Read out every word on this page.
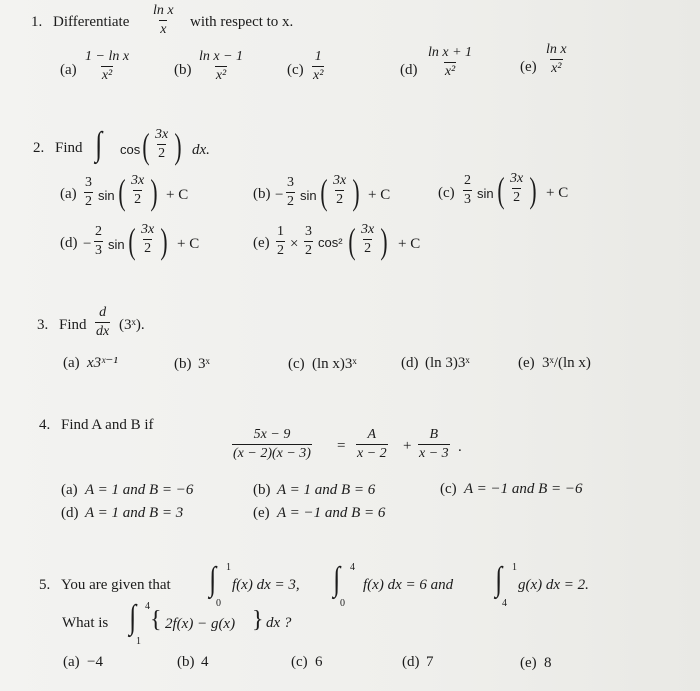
1. Differentiate $\frac{\text{ln x}}{x}$ with respect to x.
$(a) \frac{\text{1 − ln x}}{\text{x²}}$	$(b) \frac{\text{ln x − 1}}{\text{x²}}$	$(c) \frac{1}{\text{x²}}$	$(d) \frac{\text{ln x + 1}}{\text{x²}}$	$(e) \frac{\text{ln x}}{\text{x²}}$
2. Find ∫ cos ( $\frac{3x}{2}$ ) dx.
$(a) \frac{3}{2}$ sin ( $\frac{3x}{2}$ ) + C	$(b) - \frac{3}{2}$ sin ( $\frac{3x}{2}$ ) + C	$(c) \frac{2}{3}$ sin ( $\frac{3x}{2}$ ) + C
$(d) - \frac{2}{3}$ sin ( $\frac{3x}{2}$ ) + C	$(e) \frac{1}{2} \times \frac{3}{2} \cos^2$ ( $\frac{3x}{2}$ ) + C
3. Find $\frac{d}{dx}$ (3ˣ).
(a) x3ˣ⁻¹	(b) 3ˣ	(c) (ln x)3ˣ	(d) (ln 3)3ˣ	(e) 3ˣ/(ln x)
4. Find A and B if
$\frac{5x - 9}{(x - 2)(x - 3)} = \frac{A}{x - 2} + \frac{B}{x - 3}$ .
(a) A = 1 and B = −6	(b) A = 1 and B = 6	(c) A = −1 and B = −6
(d) A = 1 and B = 3	(e) A = −1 and B = 6
5. You are given that ∫ 1
0
f(x) dx = 3, ∫ 4
0
f(x) dx = 6 and ∫ 1
4
g(x) dx = 2.
What is ∫ 4
1
{ 2f(x) − g(x) } dx ?
(a) −4	(b) 4	(c) 6	(d) 7	(e) 8
